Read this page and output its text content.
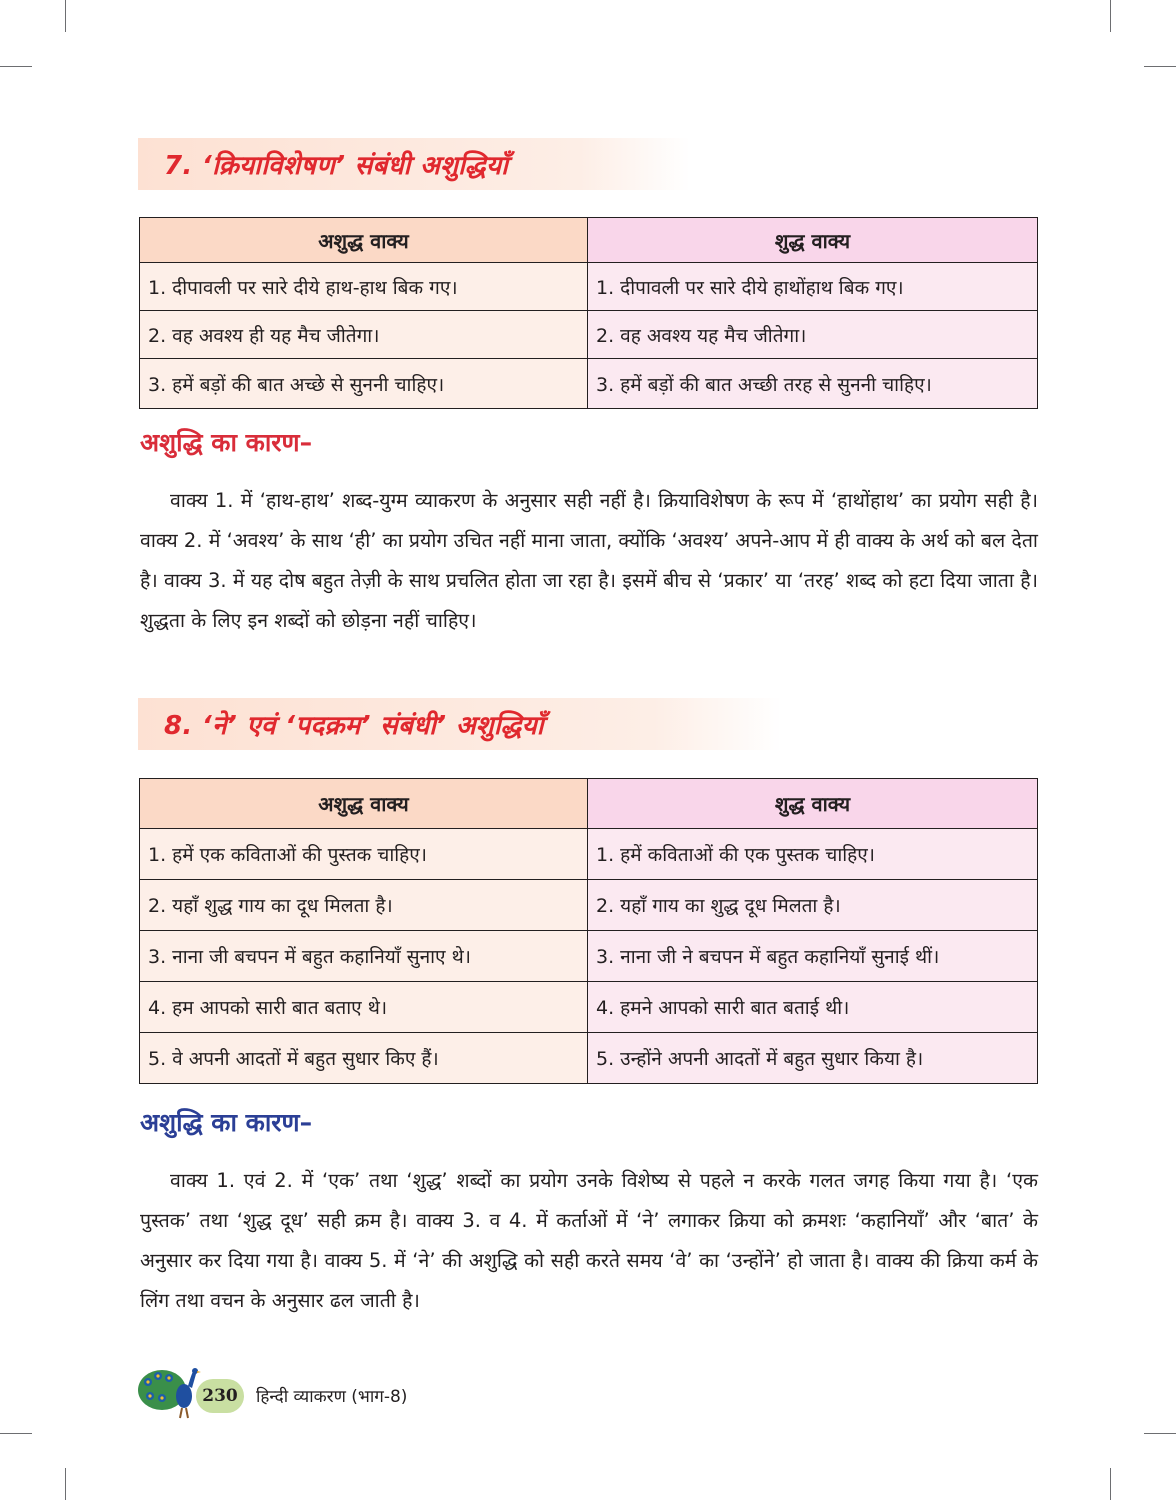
7. ‘क्रियाविशेषण’ संबंधी अशुद्धियाँ
अशुद्ध वाक्य	शुद्ध वाक्य
1. दीपावली पर सारे दीये हाथ-हाथ बिक गए।	1. दीपावली पर सारे दीये हाथोंहाथ बिक गए।
2. वह अवश्य ही यह मैच जीतेगा।	2. वह अवश्य यह मैच जीतेगा।
3. हमें बड़ों की बात अच्छे से सुननी चाहिए।	3. हमें बड़ों की बात अच्छी तरह से सुननी चाहिए।
अशुद्धि का कारण–

वाक्य 1. में ‘हाथ-हाथ’ शब्द-युग्म व्याकरण के अनुसार सही नहीं है। क्रियाविशेषण के रूप में ‘हाथोंहाथ’ का प्रयोग सही है। वाक्य 2. में ‘अवश्य’ के साथ ‘ही’ का प्रयोग उचित नहीं माना जाता, क्योंकि ‘अवश्य’ अपने-आप में ही वाक्य के अर्थ को बल देता है। वाक्य 3. में यह दोष बहुत तेज़ी के साथ प्रचलित होता जा रहा है। इसमें बीच से ‘प्रकार’ या ‘तरह’ शब्द को हटा दिया जाता है। शुद्धता के लिए इन शब्दों को छोड़ना नहीं चाहिए।

8. ‘ने’ एवं ‘पदक्रम’ संबंधी’ अशुद्धियाँ
अशुद्ध वाक्य	शुद्ध वाक्य
1. हमें एक कविताओं की पुस्तक चाहिए।	1. हमें कविताओं की एक पुस्तक चाहिए।
2. यहाँ शुद्ध गाय का दूध मिलता है।	2. यहाँ गाय का शुद्ध दूध मिलता है।
3. नाना जी बचपन में बहुत कहानियाँ सुनाए थे।	3. नाना जी ने बचपन में बहुत कहानियाँ सुनाई थीं।
4. हम आपको सारी बात बताए थे।	4. हमने आपको सारी बात बताई थी।
5. वे अपनी आदतों में बहुत सुधार किए हैं।	5. उन्होंने अपनी आदतों में बहुत सुधार किया है।
अशुद्धि का कारण–

वाक्य 1. एवं 2. में ‘एक’ तथा ‘शुद्ध’ शब्दों का प्रयोग उनके विशेष्य से पहले न करके गलत जगह किया गया है। ‘एक पुस्तक’ तथा ‘शुद्ध दूध’ सही क्रम है। वाक्य 3. व 4. में कर्ताओं में ‘ने’ लगाकर क्रिया को क्रमशः ‘कहानियाँ’ और ‘बात’ के अनुसार कर दिया गया है। वाक्य 5. में ‘ने’ की अशुद्धि को सही करते समय ‘वे’ का ‘उन्होंने’ हो जाता है। वाक्य की क्रिया कर्म के लिंग तथा वचन के अनुसार ढल जाती है।

230	हिन्दी व्याकरण (भाग-8)
